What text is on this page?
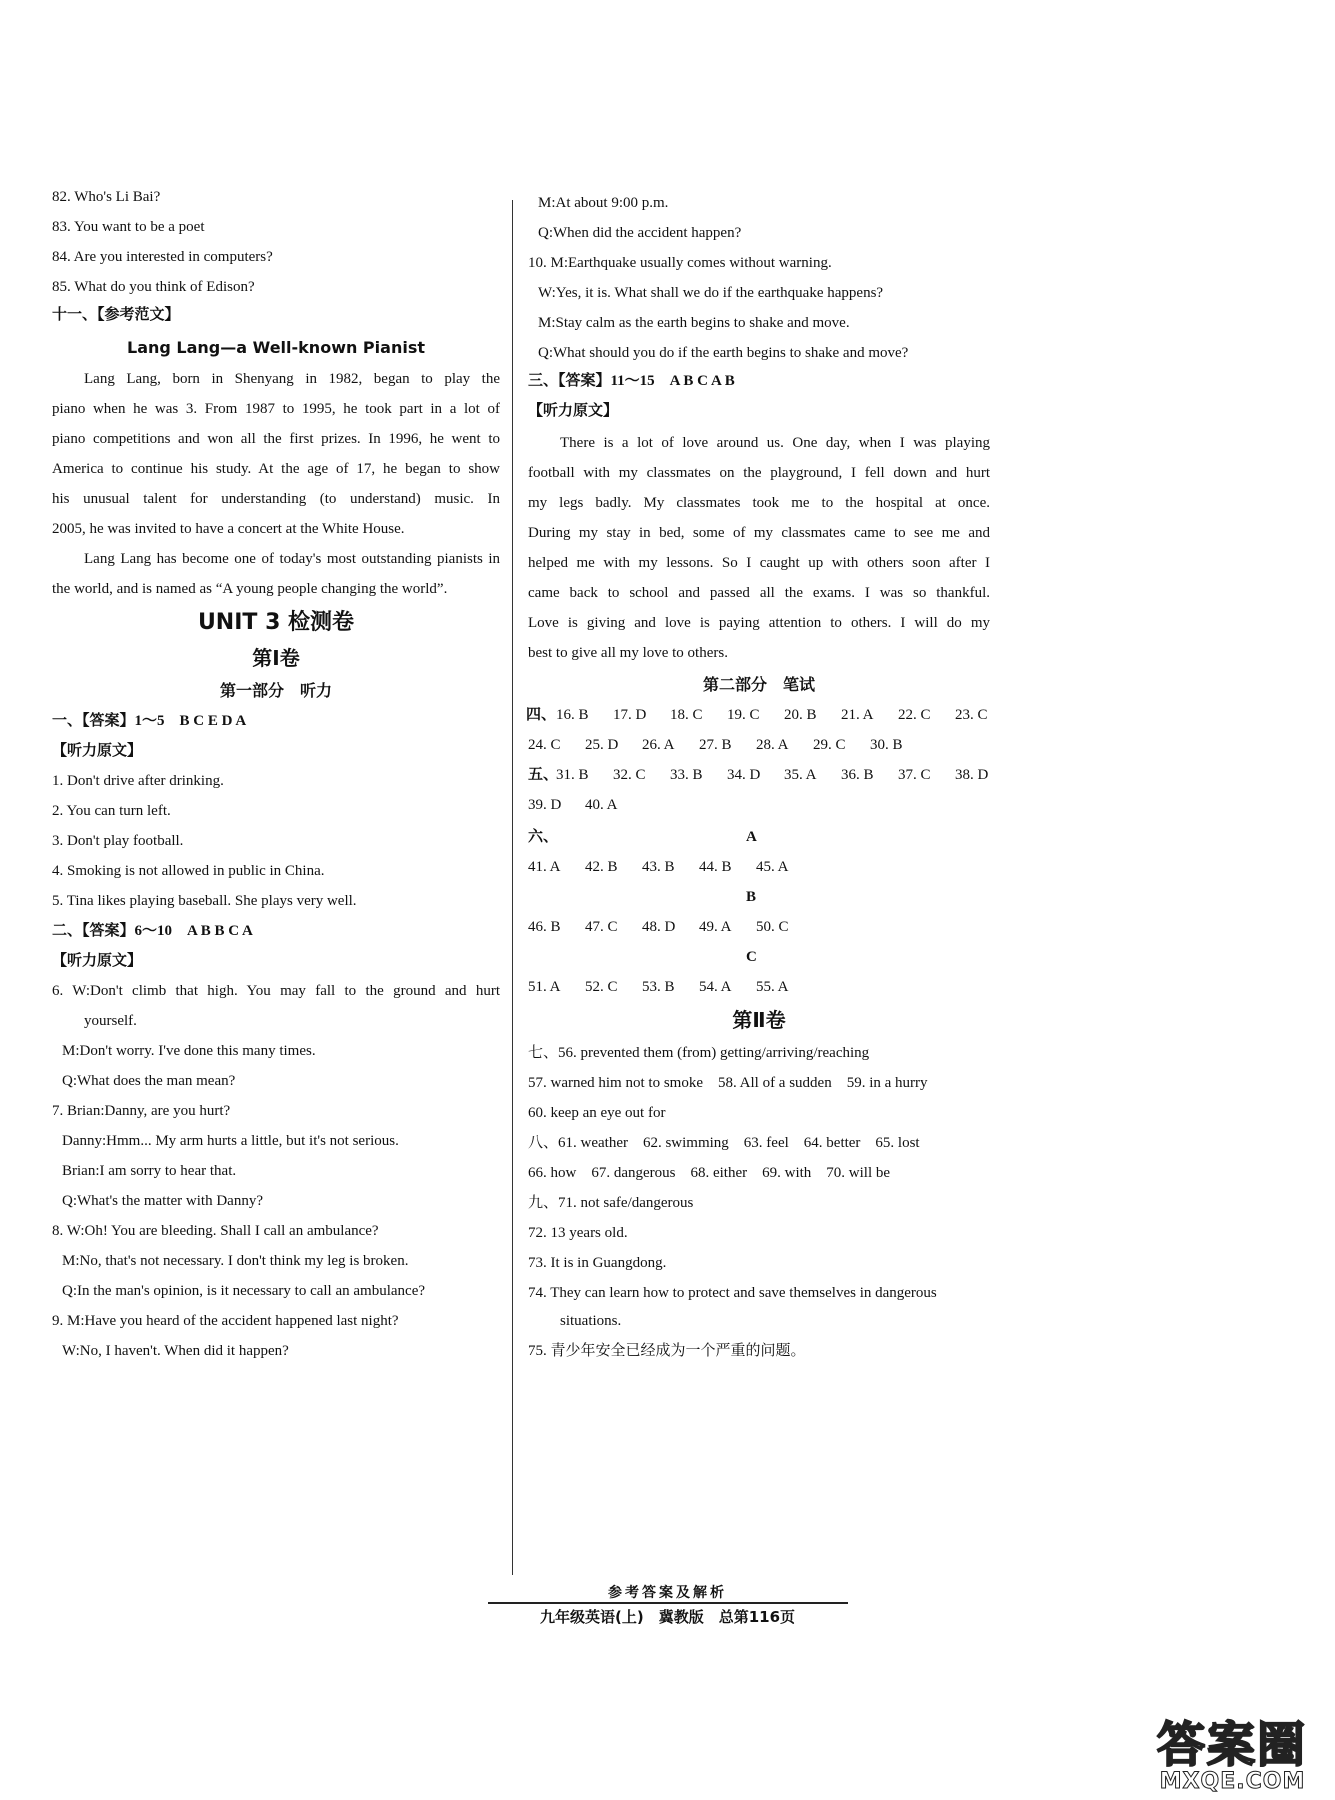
82. Who's Li Bai?
83. You want to be a poet
84. Are you interested in computers?
85. What do you think of Edison?
十一、【参考范文】
Lang Lang—a Well-known Pianist
Lang Lang, born in Shenyang in 1982, began to play the
piano when he was 3. From 1987 to 1995, he took part in a lot of
piano competitions and won all the first prizes. In 1996, he went to
America to continue his study. At the age of 17, he began to show
his unusual talent for understanding (to understand) music. In
2005, he was invited to have a concert at the White House.
Lang Lang has become one of today's most outstanding pianists in
the world, and is named as “A young people changing the world”.
UNIT 3 检测卷
第Ⅰ卷
第一部分　听力
一、【答案】1～5　B C E D A
【听力原文】
1. Don't drive after drinking.
2. You can turn left.
3. Don't play football.
4. Smoking is not allowed in public in China.
5. Tina likes playing baseball. She plays very well.
二、【答案】6～10　A B B C A
【听力原文】
6. W:Don't climb that high. You may fall to the ground and hurt
yourself.
M:Don't worry. I've done this many times.
Q:What does the man mean?
7. Brian:Danny, are you hurt?
Danny:Hmm... My arm hurts a little, but it's not serious.
Brian:I am sorry to hear that.
Q:What's the matter with Danny?
8. W:Oh! You are bleeding. Shall I call an ambulance?
M:No, that's not necessary. I don't think my leg is broken.
Q:In the man's opinion, is it necessary to call an ambulance?
9. M:Have you heard of the accident happened last night?
W:No, I haven't. When did it happen?
M:At about 9:00 p.m.
Q:When did the accident happen?
10. M:Earthquake usually comes without warning.
W:Yes, it is. What shall we do if the earthquake happens?
M:Stay calm as the earth begins to shake and move.
Q:What should you do if the earth begins to shake and move?
三、【答案】11～15　A B C A B
【听力原文】
There is a lot of love around us. One day, when I was playing
football with my classmates on the playground, I fell down and hurt
my legs badly. My classmates took me to the hospital at once.
During my stay in bed, some of my classmates came to see me and
helped me with my lessons. So I caught up with others soon after I
came back to school and passed all the exams. I was so thankful.
Love is giving and love is paying attention to others. I will do my
best to give all my love to others.
第二部分　笔试
四、 16. B	17. D	18. C	19. C	20. B	21. A	22. C	23. C
24. C	25. D	26. A	27. B	28. A	29. C	30. B
五、
31. B	32. C	33. B	34. D	35. A	36. B	37. C	38. D
39. D	40. A
六、	A
41. A	42. B	43. B	44. B	45. A
B
46. B	47. C	48. D	49. A	50. C
C
51. A	52. C	53. B	54. A	55. A
第Ⅱ卷
七、56. prevented them (from) getting/arriving/reaching
57. warned him not to smoke　58. All of a sudden　59. in a hurry
60. keep an eye out for
八、61. weather　62. swimming　63. feel　64. better　65. lost
66. how　67. dangerous　68. either　69. with　70. will be
九、71. not safe/dangerous
72. 13 years old.
73. It is in Guangdong.
74. They can learn how to protect and save themselves in dangerous
situations.
75. 青少年安全已经成为一个严重的问题。
参考答案及解析
九年级英语(上)　冀教版　总第116页
答案圈
MXQE.COM
